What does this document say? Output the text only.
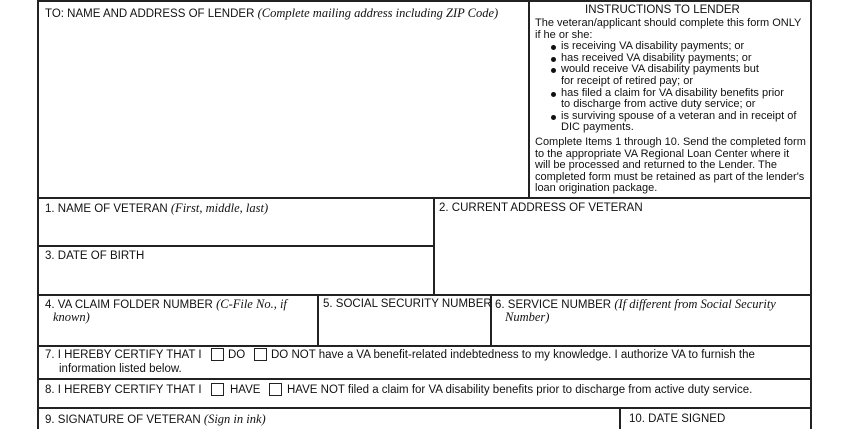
TO: NAME AND ADDRESS OF LENDER (Complete mailing address including ZIP Code)	INSTRUCTIONS TO LENDER
The veteran/applicant should complete this form ONLY
if he or she:
is receiving VA disability payments; or
has received VA disability payments; or
would receive VA disability payments but
for receipt of retired pay; or
has filed a claim for VA disability benefits prior
to discharge from active duty service; or
is surviving spouse of a veteran and in receipt of
DIC payments.
Complete Items 1 through 10. Send the completed form
to the appropriate VA Regional Loan Center where it
will be processed and returned to the Lender. The
completed form must be retained as part of the lender's
loan origination package.
1. NAME OF VETERAN (First, middle, last)	2. CURRENT ADDRESS OF VETERAN
3. DATE OF BIRTH
4. VA CLAIM FOLDER NUMBER (C-File No., if
known)
5. SOCIAL SECURITY NUMBER 6. SERVICE NUMBER (If different from Social Security
Number)
7. I HEREBY CERTIFY THAT I DO DO NOT have a VA benefit-related indebtedness to my knowledge. I authorize VA to furnish the
information listed below.
8. I HEREBY CERTIFY THAT I HAVE HAVE NOT filed a claim for VA disability benefits prior to discharge from active duty service.
9. SIGNATURE OF VETERAN (Sign in ink)	10. DATE SIGNED
